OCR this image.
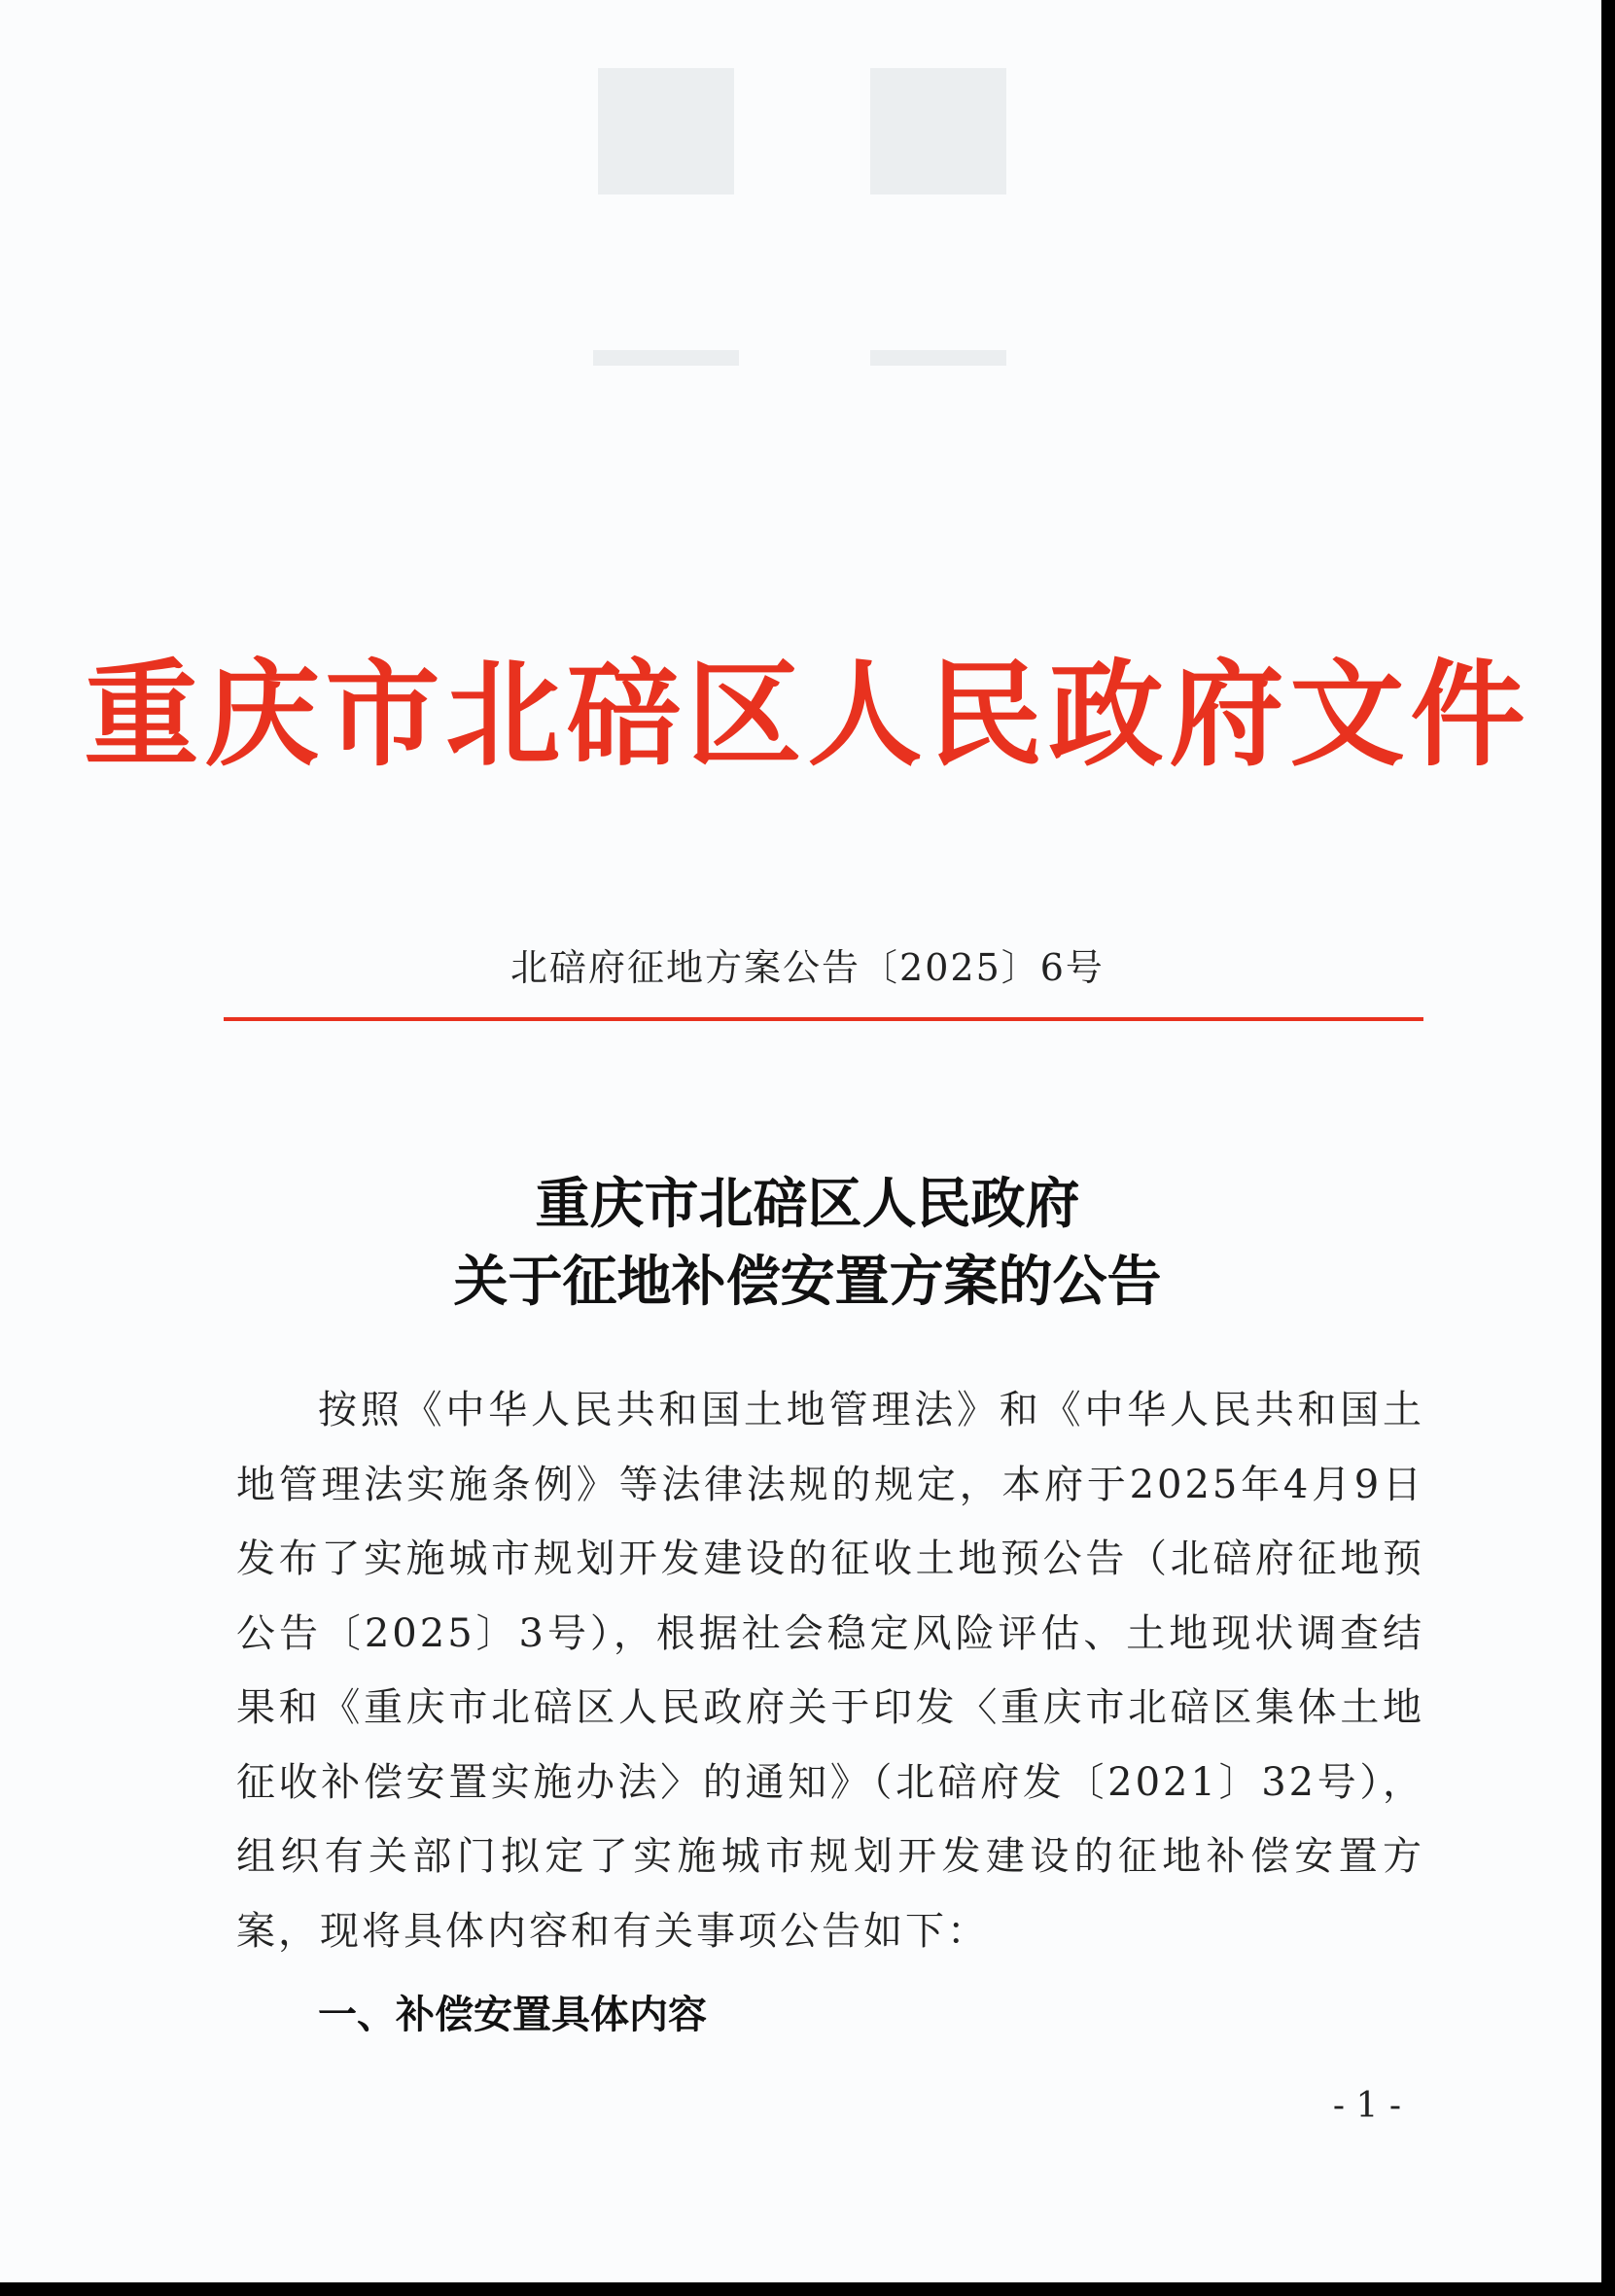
重庆市北碚区人民政府文件
北碚府征地方案公告〔2025〕6号
重庆市北碚区人民政府
关于征地补偿安置方案的公告
按照《中华人民共和国土地管理法》和《中华人民共和国土地管理法实施条例》等法律法规的规定，本府于2025年4月9日发布了实施城市规划开发建设的征收土地预公告（北碚府征地预公告〔2025〕3号），根据社会稳定风险评估、土地现状调查结果和《重庆市北碚区人民政府关于印发〈重庆市北碚区集体土地征收补偿安置实施办法〉的通知》（北碚府发〔2021〕32号），组织有关部门拟定了实施城市规划开发建设的征地补偿安置方案，现将具体内容和有关事项公告如下：
一、补偿安置具体内容
- 1 -
